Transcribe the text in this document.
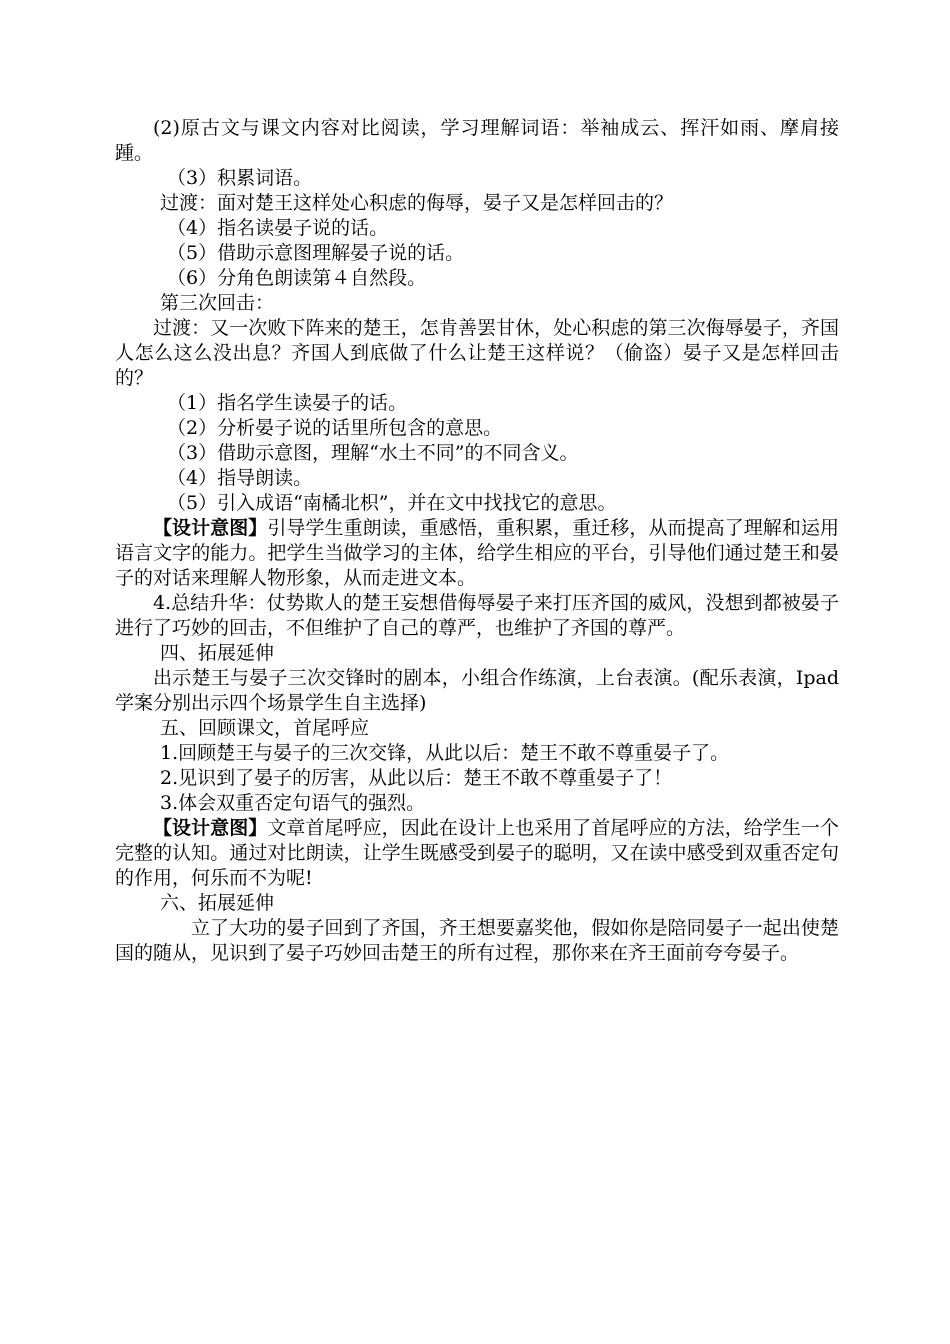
(2)原古文与课文内容对比阅读，学习理解词语：举袖成云、挥汗如雨、摩肩接踵。

（3）积累词语。

过渡：面对楚王这样处心积虑的侮辱，晏子又是怎样回击的？

（4）指名读晏子说的话。

（5）借助示意图理解晏子说的话。

（6）分角色朗读第４自然段。

第三次回击：

过渡：又一次败下阵来的楚王，怎肯善罢甘休，处心积虑的第三次侮辱晏子，齐国人怎么这么没出息？齐国人到底做了什么让楚王这样说？（偷盗）晏子又是怎样回击的？

（1）指名学生读晏子的话。

（2）分析晏子说的话里所包含的意思。

（3）借助示意图，理解“水土不同”的不同含义。

（4）指导朗读。

（5）引入成语“南橘北枳”，并在文中找找它的意思。

【设计意图】引导学生重朗读，重感悟，重积累，重迁移，从而提高了理解和运用语言文字的能力。把学生当做学习的主体，给学生相应的平台，引导他们通过楚王和晏子的对话来理解人物形象，从而走进文本。

4.总结升华：仗势欺人的楚王妄想借侮辱晏子来打压齐国的威风，没想到都被晏子进行了巧妙的回击，不但维护了自己的尊严，也维护了齐国的尊严。

四、拓展延伸

出示楚王与晏子三次交锋时的剧本，小组合作练演，上台表演。(配乐表演，Ipad学案分别出示四个场景学生自主选择)

五、回顾课文，首尾呼应

1.回顾楚王与晏子的三次交锋，从此以后：楚王不敢不尊重晏子了。

2.见识到了晏子的厉害，从此以后：楚王不敢不尊重晏子了！

3.体会双重否定句语气的强烈。

【设计意图】文章首尾呼应，因此在设计上也采用了首尾呼应的方法，给学生一个完整的认知。通过对比朗读，让学生既感受到晏子的聪明，又在读中感受到双重否定句的作用，何乐而不为呢!

六、拓展延伸

立了大功的晏子回到了齐国，齐王想要嘉奖他，假如你是陪同晏子一起出使楚国的随从，见识到了晏子巧妙回击楚王的所有过程，那你来在齐王面前夸夸晏子。
